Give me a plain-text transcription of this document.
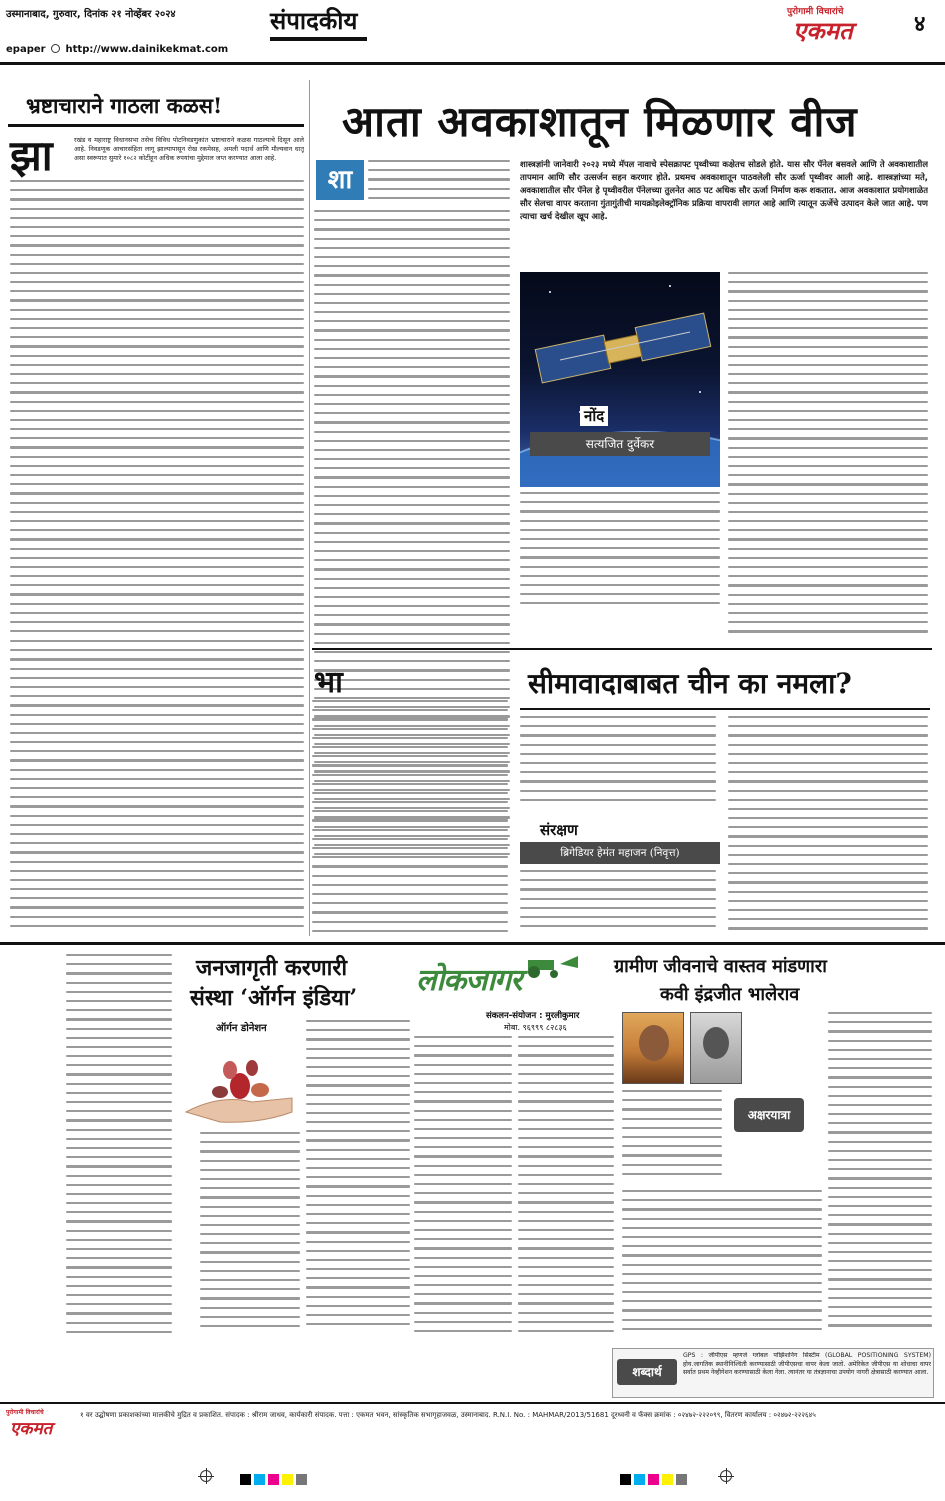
उस्मानाबाद, गुरुवार, दिनांक २१ नोव्हेंबर २०२४	संपादकीय
epaper http://www.dainikekmat.com
पुरोगामी विचारांचे
एकमत	४
भ्रष्टाचाराने गाठला कळस!
झा	रखंड व महाराष्ट्र विधानसभा तसेच विविध पोटनिवडणुकांत भ्रष्टाचाराने कळस गाठल्याचे दिसून आले आहे. निवडणूक आचारसंहिता लागू झाल्यापासून रोख रकमेसह, अमली पदार्थ आणि मौल्यवान धातू असा स्वरूपात सुमारे १०८२ कोटींहून अधिक रुपयांचा मुद्देमाल जप्त करण्यात आला आहे.
आता अवकाशातून मिळणार वीज
शा
शास्त्रज्ञांनी जानेवारी २०२३ मध्ये मॅपल नावाचे स्पेसक्राफ्ट पृथ्वीच्या कक्षेतच सोडले होते. यास सौर पॅनेल बसवले आणि ते अवकाशातील तापमान आणि सौर उत्सर्जन सहन करणार होते. प्रथमच अवकाशातून पाठवलेली सौर ऊर्जा पृथ्वीवर आली आहे. शास्त्रज्ञांच्या मते, अवकाशातील सौर पॅनेल हे पृथ्वीवरील पॅनेलच्या तुलनेत आठ पट अधिक सौर ऊर्जा निर्माण करू शकतात. आज अवकाशात प्रयोगशाळेत सौर सेलचा वापर करताना गुंतागुंतीची मायक्रोइलेक्ट्रॉनिक प्रक्रिया वापरावी लागत आहे आणि त्यातून ऊर्जेचे उत्पादन केले जात आहे. पण त्याचा खर्च देखील खूप आहे.
नोंद
सत्यजित दुर्वेकर
भा	सीमावादाबाबत चीन का नमला?
संरक्षण
ब्रिगेडियर हेमंत महाजन (निवृत्त)
जनजागृती करणारी
संस्था ‘ऑर्गन इंडिया’
ऑर्गन डोनेशन
लोकजागर
संकलन-संयोजन : मुरलीकुमार
मोबा. ९६९९९ ८२८३६
ग्रामीण जीवनाचे वास्तव मांडणारा
कवी इंद्रजीत भालेराव
अक्षरयात्रा
शब्दार्थ
GPS : जीपीएस म्हणजे ग्लोबल पोझिशनिंग सिस्टीम (GLOBAL POSITIONING SYSTEM) होय.जागतिक स्थानीनिश्चिती करण्यासाठी जीपीएसचा वापर केला जातो. अमेरिकेत जीपीएस या शोधाचा वापर सर्वात प्रथम नेव्हीगेशन करण्यासाठी केला गेला. त्यानंतर या तंत्रज्ञानाचा उपयोग नागरी क्षेत्रासाठी करण्यात आला.
पुरोगामी विचारांचे
एकमत
१ वर उद्घोषणा प्रकाशकांच्या मालकीचे मुद्रित व प्रकाशित. संपादक : श्रीराम जाधव, कार्यकारी संपादक. पत्ता : एकमत भवन, सांस्कृतिक सभागृहाजवळ, उस्मानाबाद. R.N.I. No. : MAHMAR/2013/51681 दूरध्वनी व फॅक्स क्रमांक : ०२४७२-२२२०९९, वितरण कार्यालय : ०२४७२-२२२६४५
